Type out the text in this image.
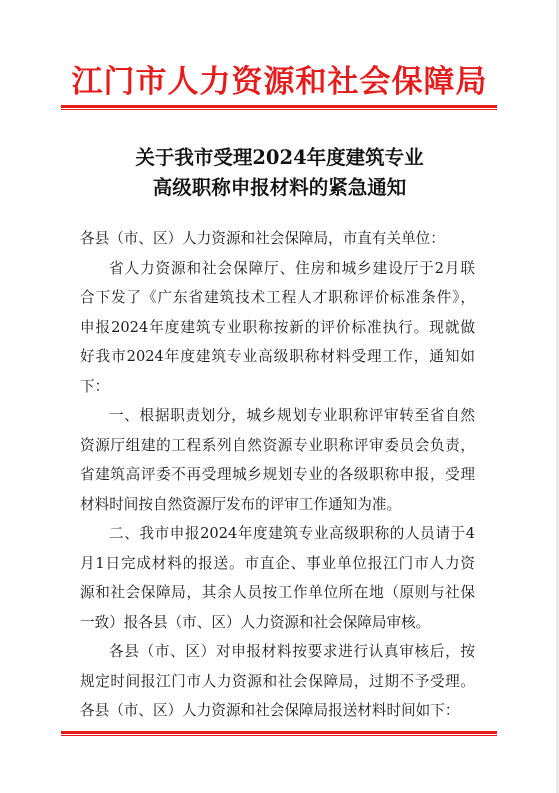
江门市人力资源和社会保障局
关于我市受理2024年度建筑专业
高级职称申报材料的紧急通知
各县（市、区）人力资源和社会保障局，市直有关单位：
省人力资源和社会保障厅、住房和城乡建设厅于2月联
合下发了《广东省建筑技术工程人才职称评价标准条件》，
申报2024年度建筑专业职称按新的评价标准执行。现就做
好我市2024年度建筑专业高级职称材料受理工作，通知如
下：
一、根据职责划分，城乡规划专业职称评审转至省自然
资源厅组建的工程系列自然资源专业职称评审委员会负责，
省建筑高评委不再受理城乡规划专业的各级职称申报，受理
材料时间按自然资源厅发布的评审工作通知为准。
二、我市申报2024年度建筑专业高级职称的人员请于4
月1日完成材料的报送。市直企、事业单位报江门市人力资
源和社会保障局，其余人员按工作单位所在地（原则与社保
一致）报各县（市、区）人力资源和社会保障局审核。
各县（市、区）对申报材料按要求进行认真审核后，按
规定时间报江门市人力资源和社会保障局，过期不予受理。
各县（市、区）人力资源和社会保障局报送材料时间如下：
